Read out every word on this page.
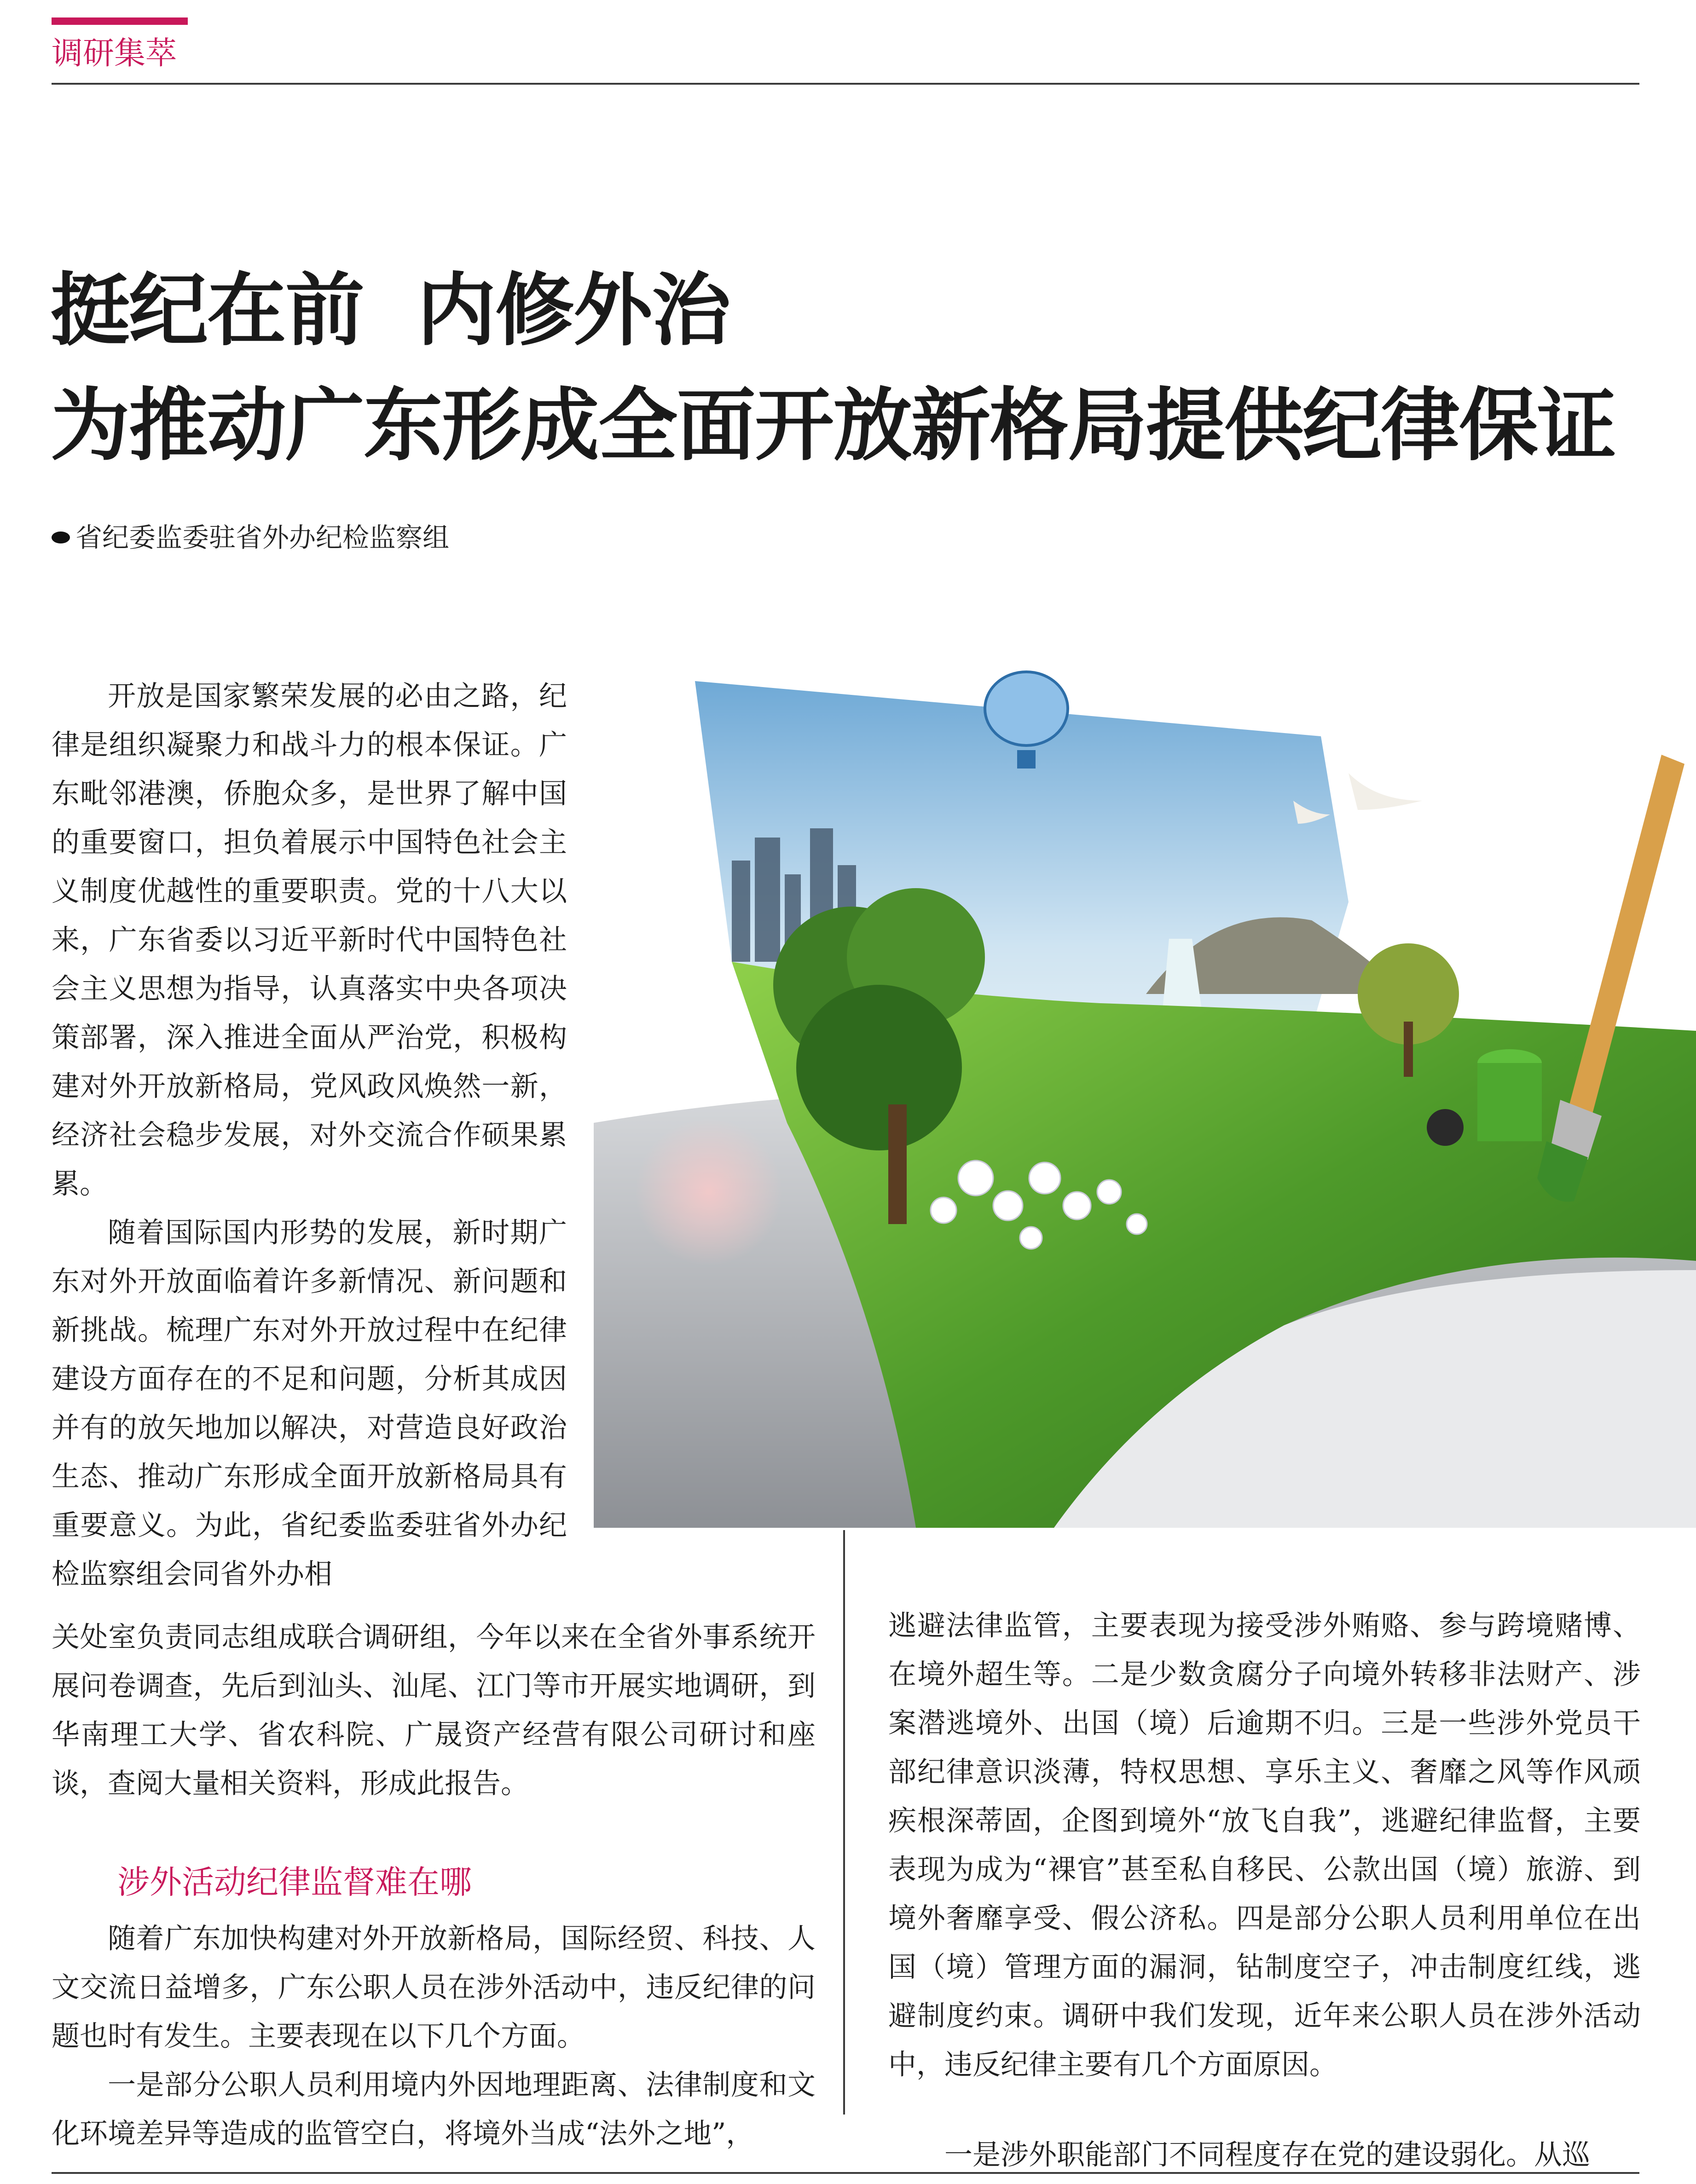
调研集萃
挺纪在前  内修外治
为推动广东形成全面开放新格局提供纪律保证
省纪委监委驻省外办纪检监察组

开放是国家繁荣发展的必由之路，纪律是组织凝聚力和战斗力的根本保证。广东毗邻港澳，侨胞众多，是世界了解中国的重要窗口，担负着展示中国特色社会主义制度优越性的重要职责。党的十八大以来，广东省委以习近平新时代中国特色社会主义思想为指导，认真落实中央各项决策部署，深入推进全面从严治党，积极构建对外开放新格局，党风政风焕然一新，经济社会稳步发展，对外交流合作硕果累累。

随着国际国内形势的发展，新时期广东对外开放面临着许多新情况、新问题和新挑战。梳理广东对外开放过程中在纪律建设方面存在的不足和问题，分析其成因并有的放矢地加以解决，对营造良好政治生态、推动广东形成全面开放新格局具有重要意义。为此，省纪委监委驻省外办纪检监察组会同省外办相

关处室负责同志组成联合调研组，今年以来在全省外事系统开展问卷调查，先后到汕头、汕尾、江门等市开展实地调研，到华南理工大学、省农科院、广晟资产经营有限公司研讨和座谈，查阅大量相关资料，形成此报告。

涉外活动纪律监督难在哪

随着广东加快构建对外开放新格局，国际经贸、科技、人文交流日益增多，广东公职人员在涉外活动中，违反纪律的问题也时有发生。主要表现在以下几个方面。

一是部分公职人员利用境内外因地理距离、法律制度和文化环境差异等造成的监管空白，将境外当成“法外之地”，

逃避法律监管，主要表现为接受涉外贿赂、参与跨境赌博、在境外超生等。二是少数贪腐分子向境外转移非法财产、涉案潜逃境外、出国（境）后逾期不归。三是一些涉外党员干部纪律意识淡薄，特权思想、享乐主义、奢靡之风等作风顽疾根深蒂固，企图到境外“放飞自我”，逃避纪律监督，主要表现为成为“裸官”甚至私自移民、公款出国（境）旅游、到境外奢靡享受、假公济私。四是部分公职人员利用单位在出国（境）管理方面的漏洞，钻制度空子，冲击制度红线，逃避制度约束。调研中我们发现，近年来公职人员在涉外活动中，违反纪律主要有几个方面原因。

一是涉外职能部门不同程度存在党的建设弱化。从巡
